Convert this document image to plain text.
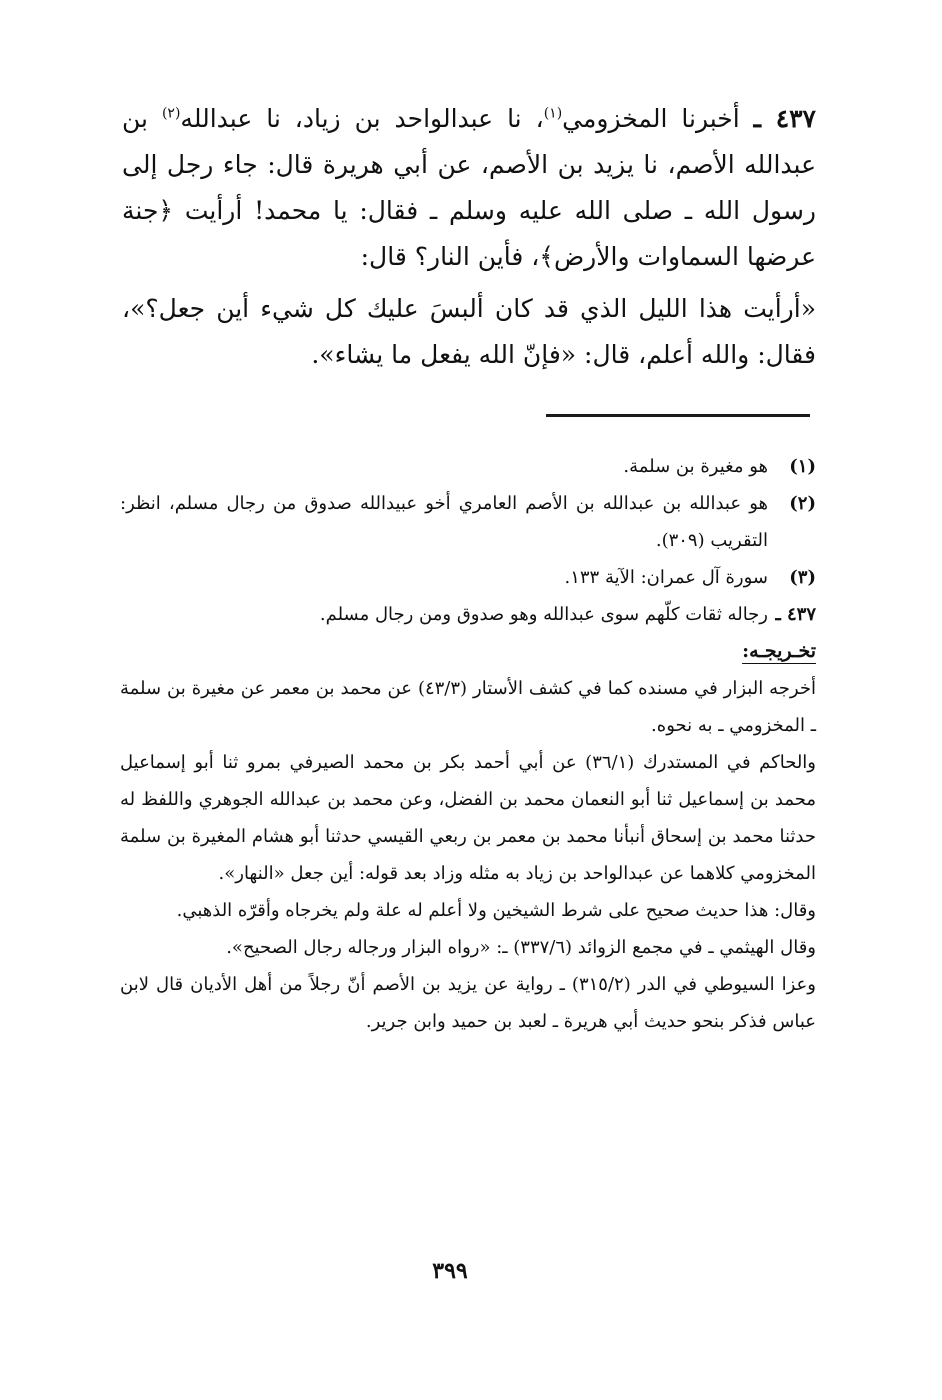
٤٣٧ ـ أخبرنا المخزومي$^{(١)}$، نا عبدالواحد بن زياد، نا عبدالله$^{(٢)}$ بن عبدالله الأصم، نا يزيد بن الأصم، عن أبي هريرة قال: جاء رجل إلى رسول الله ـ صلى الله عليه وسلم ـ فقال: يا محمد! أرأيت ﴿جنة عرضها السماوات والأرض﴾، فأين النار؟ قال:

«أرأيت هذا الليل الذي قد كان ألبسَ عليك كل شيء أين جعل؟»، فقال: والله أعلم، قال: «فإنّ الله يفعل ما يشاء».

(١)
هو مغيرة بن سلمة.
(٢)
هو عبدالله بن عبدالله بن الأصم العامري أخو عبيدالله صدوق من رجال مسلم، انظر: التقريب (٣٠٩).
(٣)
سورة آل عمران: الآية ١٣٣.
٤٣٧ ـ
رجاله ثقات كلّهم سوى عبدالله وهو صدوق ومن رجال مسلم.
تخـريجـه:

أخرجه البزار في مسنده كما في كشف الأستار (٤٣/٣) عن محمد بن معمر عن مغيرة بن سلمة ـ المخزومي ـ به نحوه.

والحاكم في المستدرك (٣٦/١) عن أبي أحمد بكر بن محمد الصيرفي بمرو ثنا أبو إسماعيل محمد بن إسماعيل ثنا أبو النعمان محمد بن الفضل، وعن محمد بن عبدالله الجوهري واللفظ له حدثنا محمد بن إسحاق أنبأنا محمد بن معمر بن ربعي القيسي حدثنا أبو هشام المغيرة بن سلمة المخزومي كلاهما عن عبدالواحد بن زياد به مثله وزاد بعد قوله: أين جعل «النهار».

وقال: هذا حديث صحيح على شرط الشيخين ولا أعلم له علة ولم يخرجاه وأقرّه الذهبي.

وقال الهيثمي ـ في مجمع الزوائد (٣٣٧/٦) ـ: «رواه البزار ورجاله رجال الصحيح».

وعزا السيوطي في الدر (٣١٥/٢) ـ رواية عن يزيد بن الأصم أنّ رجلاً من أهل الأديان قال لابن عباس فذكر بنحو حديث أبي هريرة ـ لعبد بن حميد وابن جرير.

٣٩٩
